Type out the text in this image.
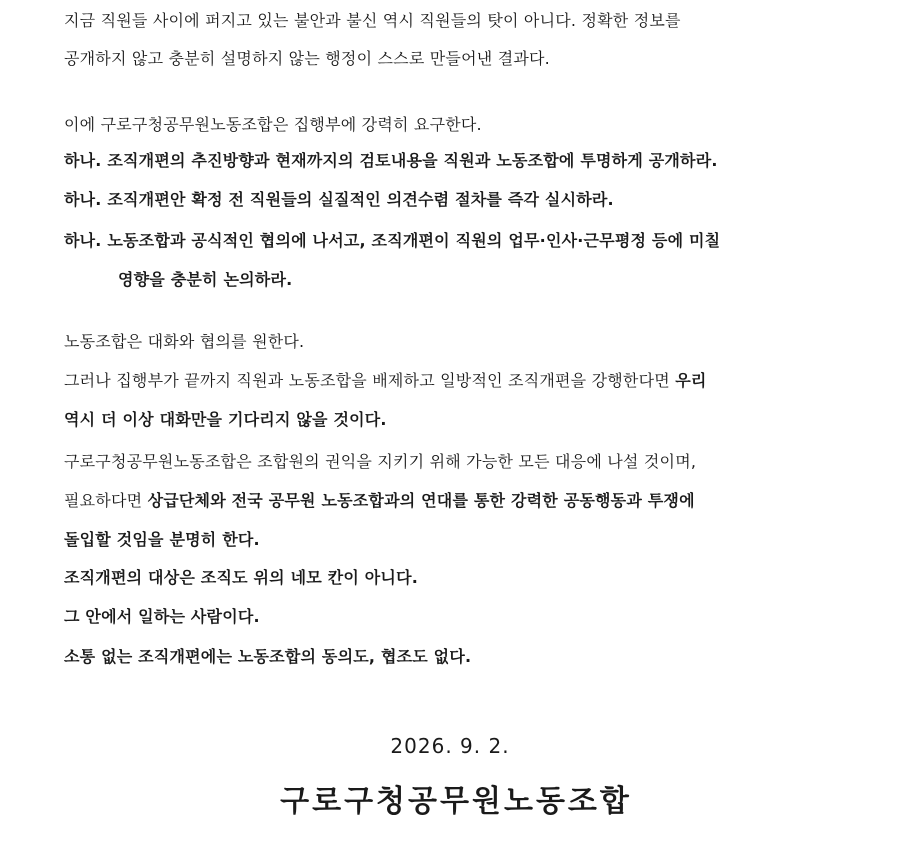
지금 직원들 사이에 퍼지고 있는 불안과 불신 역시 직원들의 탓이 아니다. 정확한 정보를
공개하지 않고 충분히 설명하지 않는 행정이 스스로 만들어낸 결과다.
이에 구로구청공무원노동조합은 집행부에 강력히 요구한다.
하나. 조직개편의 추진방향과 현재까지의 검토내용을 직원과 노동조합에 투명하게 공개하라.
하나. 조직개편안 확정 전 직원들의 실질적인 의견수렴 절차를 즉각 실시하라.
하나. 노동조합과 공식적인 협의에 나서고, 조직개편이 직원의 업무·인사·근무평정 등에 미칠
영향을 충분히 논의하라.
노동조합은 대화와 협의를 원한다.
그러나 집행부가 끝까지 직원과 노동조합을 배제하고 일방적인 조직개편을 강행한다면 우리
역시 더 이상 대화만을 기다리지 않을 것이다.
구로구청공무원노동조합은 조합원의 권익을 지키기 위해 가능한 모든 대응에 나설 것이며,
필요하다면 상급단체와 전국 공무원 노동조합과의 연대를 통한 강력한 공동행동과 투쟁에
돌입할 것임을 분명히 한다.
조직개편의 대상은 조직도 위의 네모 칸이 아니다.
그 안에서 일하는 사람이다.
소통 없는 조직개편에는 노동조합의 동의도, 협조도 없다.
2026. 9. 2.
구로구청공무원노동조합
